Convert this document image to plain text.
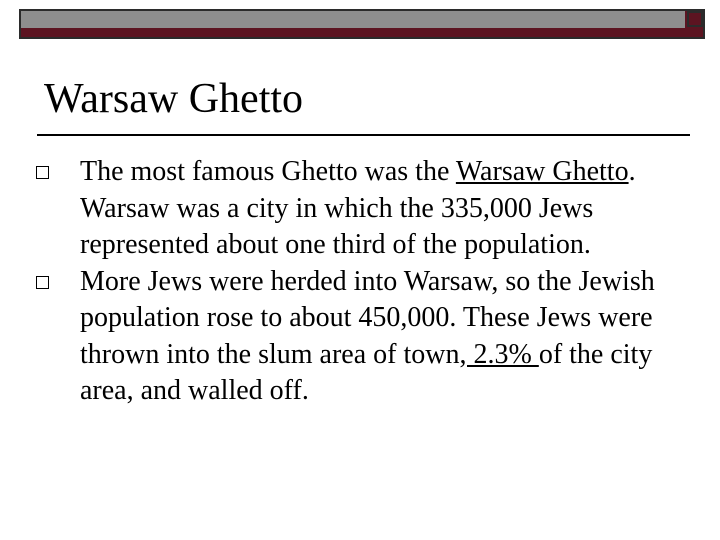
Warsaw Ghetto
The most famous Ghetto was the Warsaw Ghetto. Warsaw was a city in which the 335,000 Jews represented about one third of the population.
More Jews were herded into Warsaw, so the Jewish population rose to about 450,000. These Jews were thrown into the slum area of town, 2.3% of the city area, and walled off.
